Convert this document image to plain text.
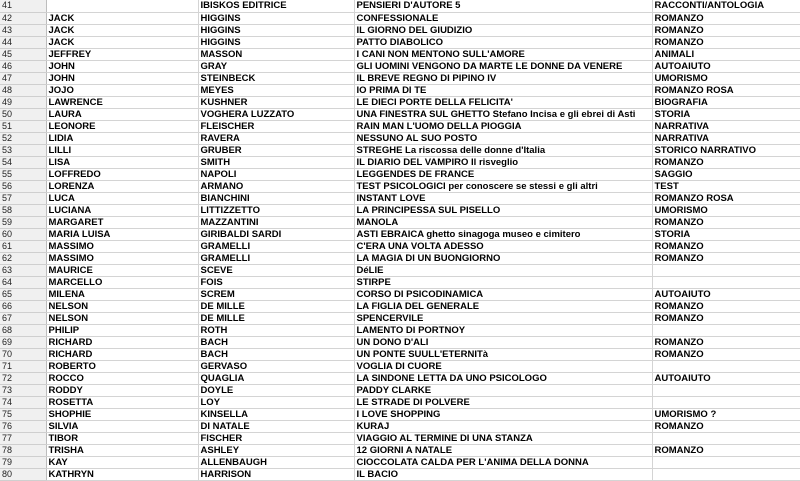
41		IBISKOS EDITRICE	PENSIERI D'AUTORE 5	RACCONTI/ANTOLOGIA
42	JACK	HIGGINS	CONFESSIONALE	ROMANZO
43	JACK	HIGGINS	IL GIORNO DEL GIUDIZIO	ROMANZO
44	JACK	HIGGINS	PATTO DIABOLICO	ROMANZO
45	JEFFREY	MASSON	I CANI NON MENTONO SULL'AMORE	ANIMALI
46	JOHN	GRAY	GLI UOMINI VENGONO DA MARTE LE DONNE DA VENERE	AUTOAIUTO
47	JOHN	STEINBECK	IL BREVE REGNO DI PIPINO IV	UMORISMO
48	JOJO	MEYES	IO PRIMA DI TE	ROMANZO ROSA
49	LAWRENCE	KUSHNER	LE DIECI PORTE DELLA FELICITA'	BIOGRAFIA
50	LAURA	VOGHERA LUZZATO	UNA FINESTRA SUL GHETTO Stefano Incisa e gli ebrei di Asti	STORIA
51	LEONORE	FLEISCHER	RAIN MAN L'UOMO DELLA PIOGGIA	NARRATIVA
52	LIDIA	RAVERA	NESSUNO AL SUO POSTO	NARRATIVA
53	LILLI	GRUBER	STREGHE La riscossa delle donne d'Italia	STORICO NARRATIVO
54	LISA	SMITH	IL DIARIO DEL VAMPIRO Il risveglio	ROMANZO
55	LOFFREDO	NAPOLI	LEGGENDES DE FRANCE	SAGGIO
56	LORENZA	ARMANO	TEST PSICOLOGICI per conoscere se stessi e gli altri	TEST
57	LUCA	BIANCHINI	INSTANT LOVE	ROMANZO ROSA
58	LUCIANA	LITTIZZETTO	LA PRINCIPESSA SUL PISELLO	UMORISMO
59	MARGARET	MAZZANTINI	MANOLA	ROMANZO
60	MARIA LUISA	GIRIBALDI SARDI	ASTI EBRAICA ghetto sinagoga museo e cimitero	STORIA
61	MASSIMO	GRAMELLI	C'ERA UNA VOLTA ADESSO	ROMANZO
62	MASSIMO	GRAMELLI	LA MAGIA DI UN BUONGIORNO	ROMANZO
63	MAURICE	SCEVE	DéLIE	
64	MARCELLO	FOIS	STIRPE	
65	MILENA	SCREM	CORSO DI PSICODINAMICA	AUTOAIUTO
66	NELSON	DE MILLE	LA FIGLIA DEL GENERALE	ROMANZO
67	NELSON	DE MILLE	SPENCERVILE	ROMANZO
68	PHILIP	ROTH	LAMENTO DI PORTNOY	
69	RICHARD	BACH	UN DONO D'ALI	ROMANZO
70	RICHARD	BACH	UN PONTE SUULL'ETERNITà	ROMANZO
71	ROBERTO	GERVASO	VOGLIA DI CUORE	
72	ROCCO	QUAGLIA	LA SINDONE LETTA DA UNO PSICOLOGO	AUTOAIUTO
73	RODDY	DOYLE	PADDY CLARKE	
74	ROSETTA	LOY	LE STRADE DI POLVERE	
75	SHOPHIE	KINSELLA	I LOVE SHOPPING	UMORISMO ?
76	SILVIA	DI NATALE	KURAJ	ROMANZO
77	TIBOR	FISCHER	VIAGGIO AL TERMINE DI UNA STANZA	
78	TRISHA	ASHLEY	12 GIORNI A NATALE	ROMANZO
79	KAY	ALLENBAUGH	CIOCCOLATA CALDA PER L'ANIMA DELLA DONNA	
80	KATHRYN	HARRISON	IL BACIO	
